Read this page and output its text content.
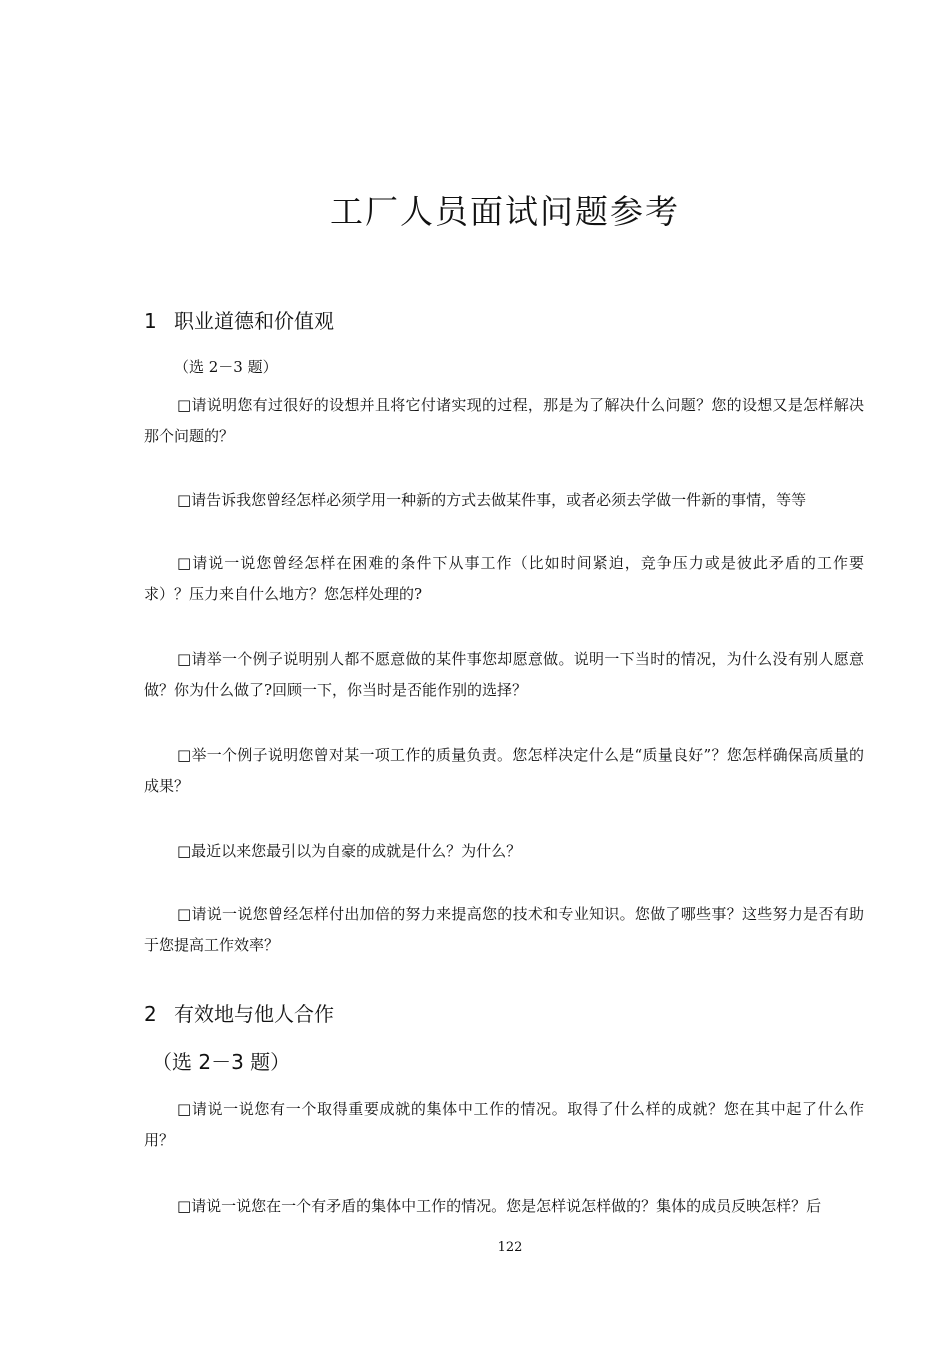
工厂人员面试问题参考
1 职业道德和价值观
（选 2－3 题）

□请说明您有过很好的设想并且将它付诸实现的过程，那是为了解决什么问题？您的设想又是怎样解决那个问题的？

□请告诉我您曾经怎样必须学用一种新的方式去做某件事，或者必须去学做一件新的事情，等等

□请说一说您曾经怎样在困难的条件下从事工作（比如时间紧迫，竞争压力或是彼此矛盾的工作要求）？压力来自什么地方？您怎样处理的?

□请举一个例子说明别人都不愿意做的某件事您却愿意做。说明一下当时的情况，为什么没有别人愿意做？你为什么做了?回顾一下，你当时是否能作别的选择？

□举一个例子说明您曾对某一项工作的质量负责。您怎样决定什么是“质量良好”？您怎样确保高质量的成果？

□最近以来您最引以为自豪的成就是什么？为什么？

□请说一说您曾经怎样付出加倍的努力来提高您的技术和专业知识。您做了哪些事？这些努力是否有助于您提高工作效率？

2 有效地与他人合作
（选 2－3 题）

□请说一说您有一个取得重要成就的集体中工作的情况。取得了什么样的成就？您在其中起了什么作用？

□请说一说您在一个有矛盾的集体中工作的情况。您是怎样说怎样做的？集体的成员反映怎样？后

122
